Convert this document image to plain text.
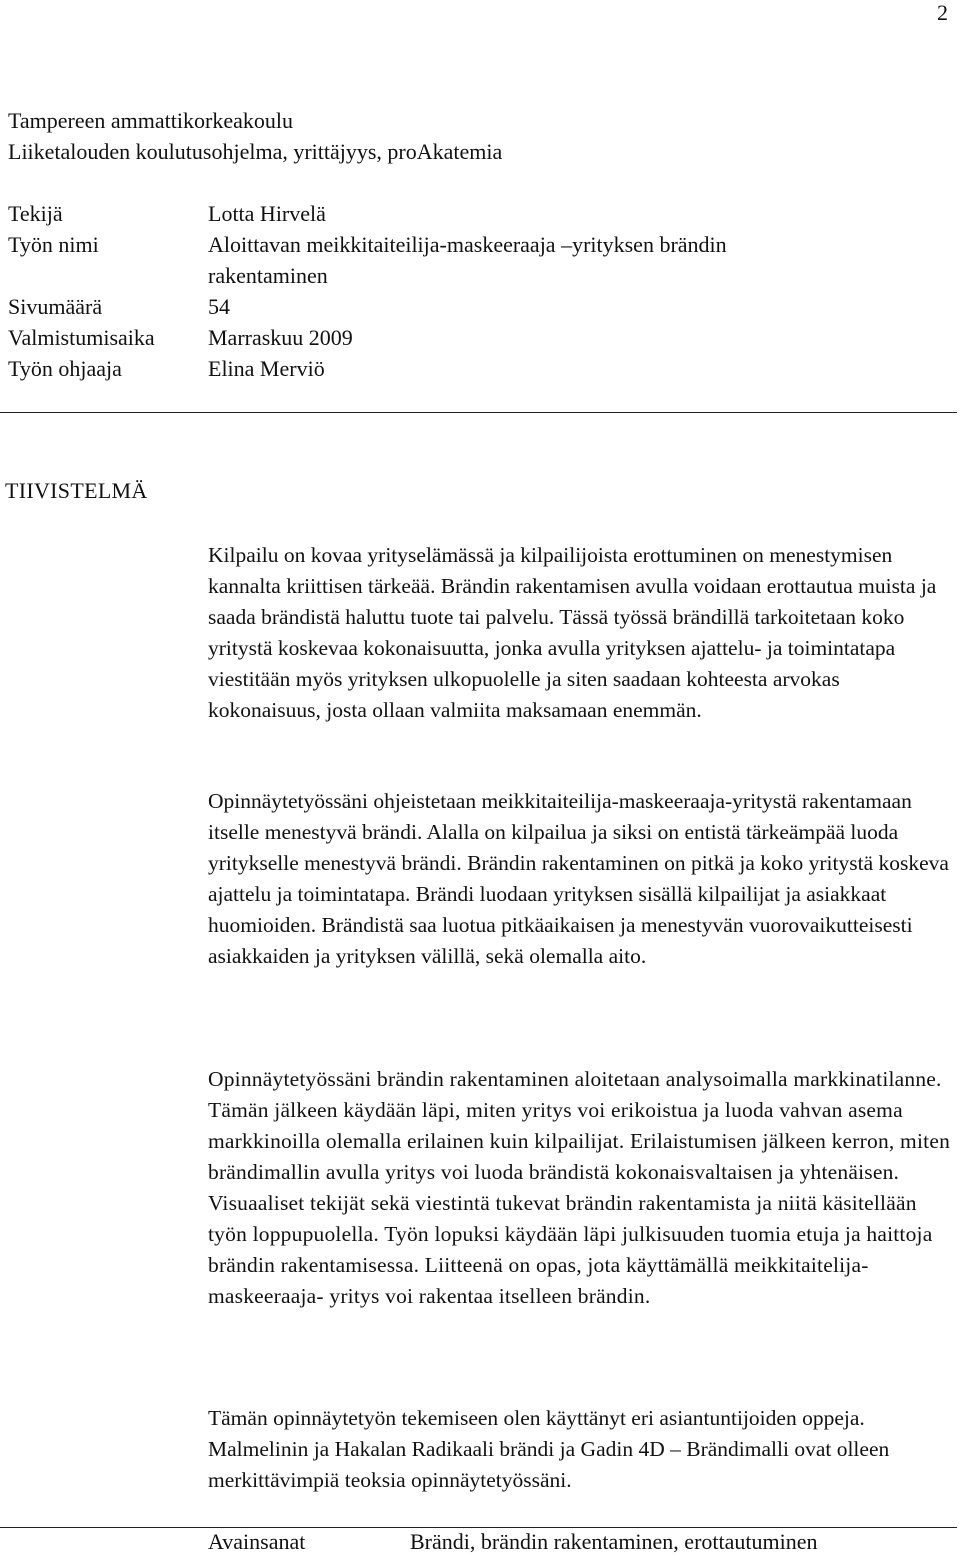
2
Tampereen ammattikorkeakoulu
Liiketalouden koulutusohjelma, yrittäjyys, proAkatemia
Tekijä	Lotta Hirvelä
Työn nimi	Aloittavan meikkitaiteilija-maskeeraaja –yrityksen brändin
rakentaminen
Sivumäärä	54
Valmistumisaika Marraskuu 2009
Työn ohjaaja	Elina Merviö
TIIVISTELMÄ

Kilpailu on kovaa yrityselämässä ja kilpailijoista erottuminen on menestymisen kannalta kriittisen tärkeää. Brändin rakentamisen avulla voidaan erottautua muista ja saada brändistä haluttu tuote tai palvelu. Tässä työssä brändillä tarkoitetaan koko yritystä koskevaa kokonaisuutta, jonka avulla yrityksen ajattelu- ja toimintatapa viestitään myös yrityksen ulkopuolelle ja siten saadaan kohteesta arvokas kokonaisuus, josta ollaan valmiita maksamaan enemmän.

Opinnäytetyössäni ohjeistetaan meikkitaiteilija-maskeeraaja-yritystä rakentamaan itselle menestyvä brändi. Alalla on kilpailua ja siksi on entistä tärkeämpää luoda yritykselle menestyvä brändi. Brändin rakentaminen on pitkä ja koko yritystä koskeva ajattelu ja toimintatapa. Brändi luodaan yrityksen sisällä kilpailijat ja asiakkaat huomioiden. Brändistä saa luotua pitkäaikaisen ja menestyvän vuorovaikutteisesti asiakkaiden ja yrityksen välillä, sekä olemalla aito.

Opinnäytetyössäni brändin rakentaminen aloitetaan analysoimalla markkinatilanne. Tämän jälkeen käydään läpi, miten yritys voi erikoistua ja luoda vahvan asema markkinoilla olemalla erilainen kuin kilpailijat. Erilaistumisen jälkeen kerron, miten brändimallin avulla yritys voi luoda brändistä kokonaisvaltaisen ja yhtenäisen. Visuaaliset tekijät sekä viestintä tukevat brändin rakentamista ja niitä käsitellään työn loppupuolella. Työn lopuksi käydään läpi julkisuuden tuomia etuja ja haittoja brändin rakentamisessa. Liitteenä on opas, jota käyttämällä meikkitaitelija-maskeeraaja- yritys voi rakentaa itselleen brändin.

Tämän opinnäytetyön tekemiseen olen käyttänyt eri asiantuntijoiden oppeja. Malmelinin ja Hakalan Radikaali brändi ja Gadin 4D – Brändimalli ovat olleen merkittävimpiä teoksia opinnäytetyössäni.

Avainsanat	Brändi, brändin rakentaminen, erottautuminen
